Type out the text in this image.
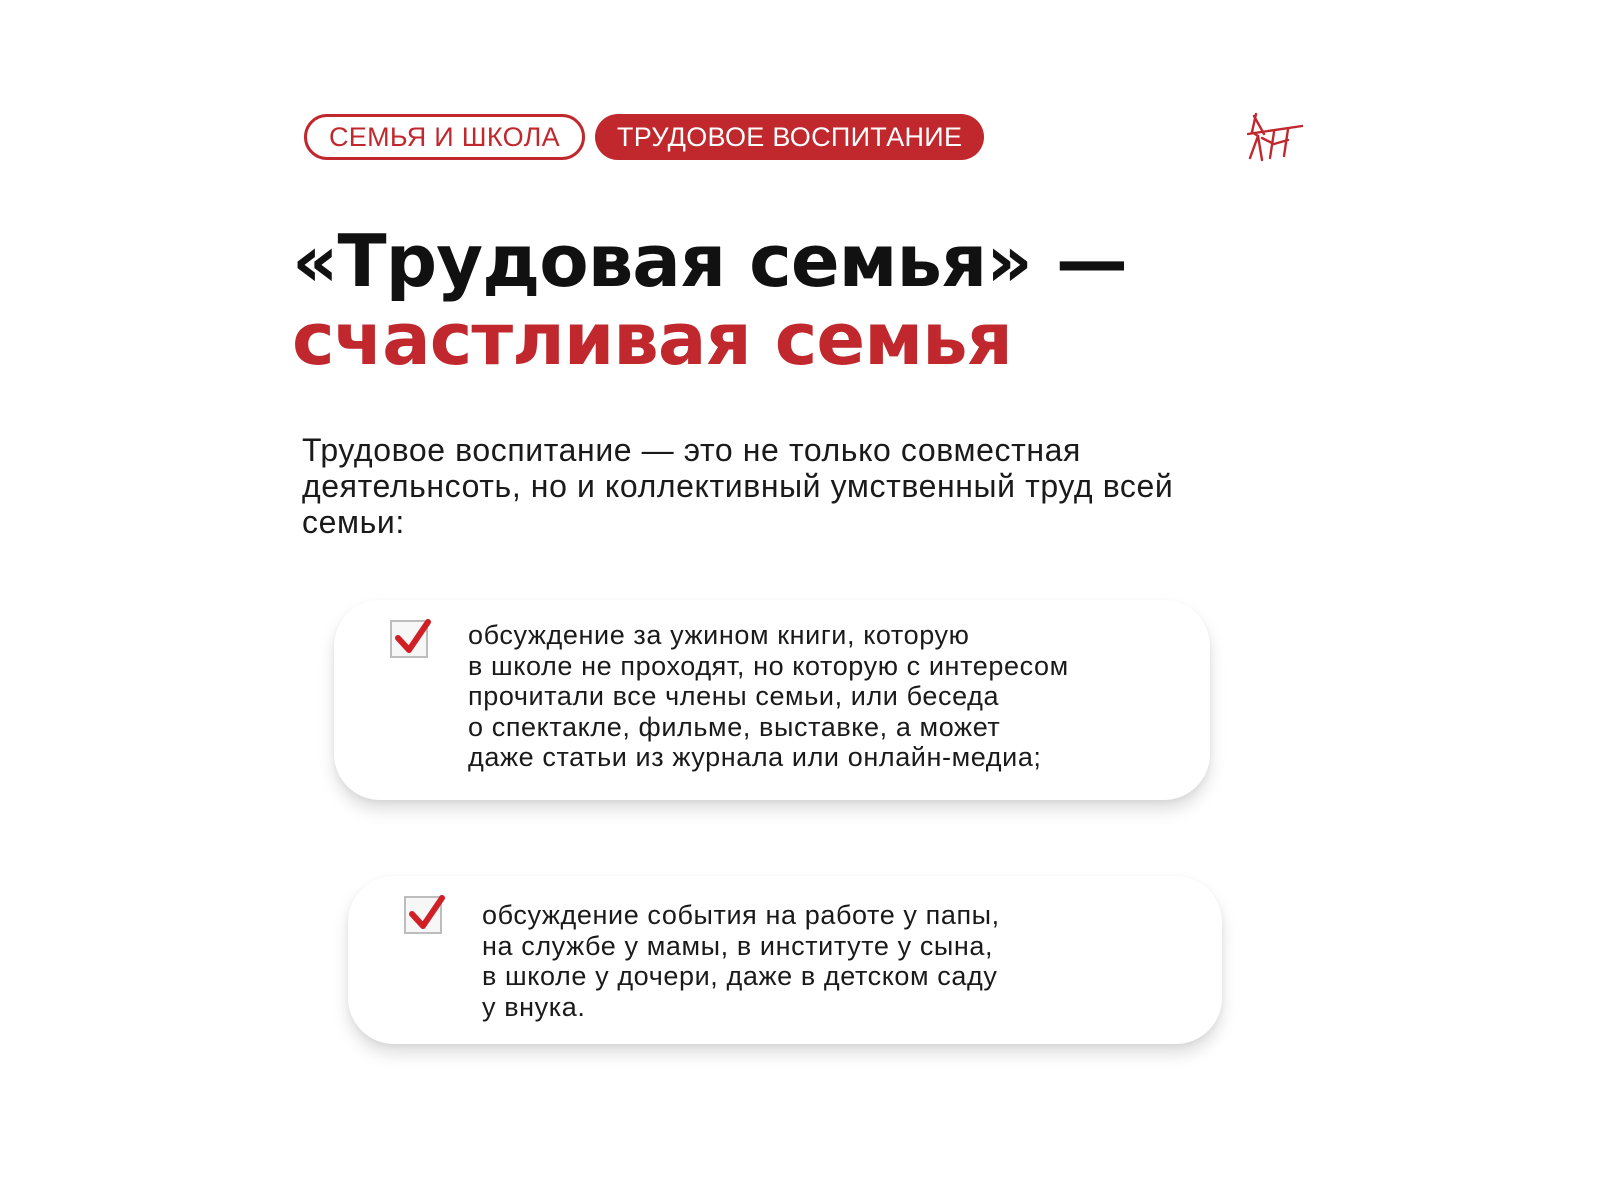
СЕМЬЯ И ШКОЛА	ТРУДОВОЕ ВОСПИТАНИЕ
«Трудовая семья» —
счастливая семья

Трудовое воспитание — это не только совместная деятельнсоть, но и коллективный умственный труд всей семьи:

обсуждение за ужином книги, которую
в школе не проходят, но которую с интересом
прочитали все члены семьи, или беседа
о спектакле, фильме, выставке, а может
даже статьи из журнала или онлайн-медиа;

обсуждение события на работе у папы,
на службе у мамы, в институте у сына,
в школе у дочери, даже в детском саду
у внука.
